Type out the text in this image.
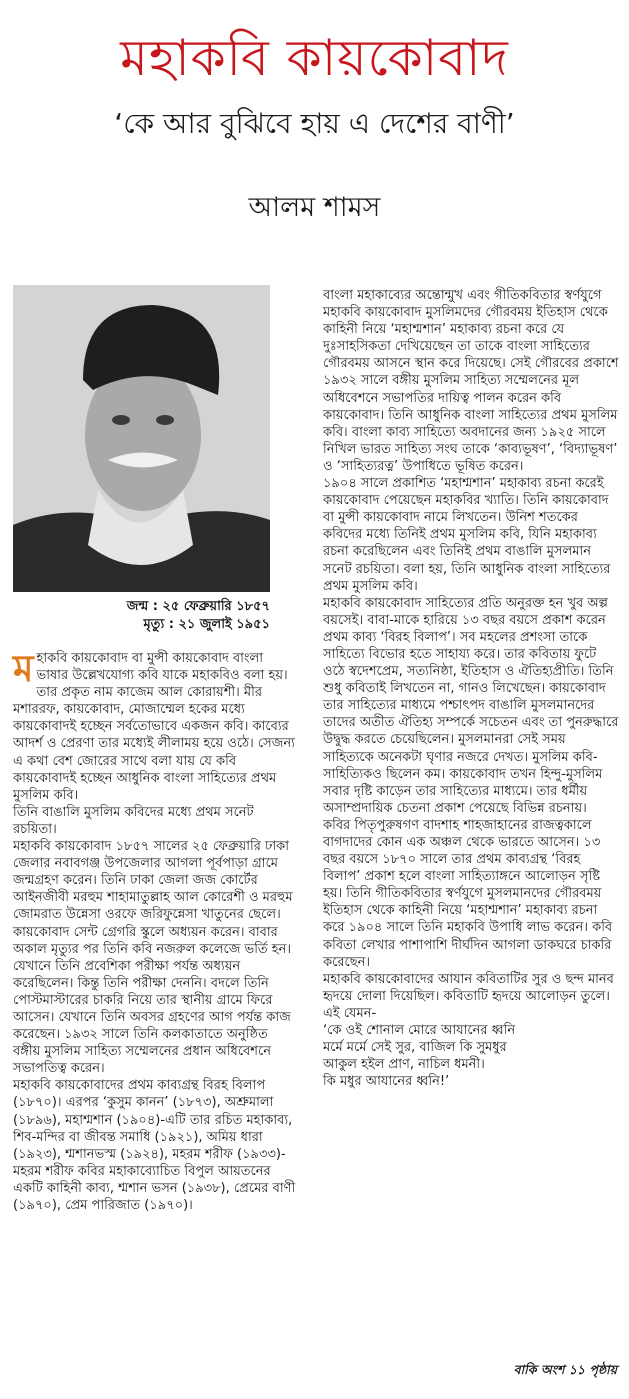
মহাকবি কায়কোবাদ
‘কে আর বুঝিবে হায় এ দেশের বাণী’
আলম শামস
জন্ম : ২৫ ফেব্রুয়ারি ১৮৫৭
মৃত্যু : ২১ জুলাই ১৯৫১

মহাকবি কায়কোবাদ বা মুন্সী কায়কোবাদ বাংলা ভাষার উল্লেখযোগ্য কবি যাকে মহাকবিও বলা হয়। তার প্রকৃত নাম কাজেম আল কোরায়শী। মীর মশাররফ, কায়কোবাদ, মোজাম্মেল হকের মধ্যে কায়কোবাদই হচ্ছেন সর্বতোভাবে একজন কবি। কাব্যের আদর্শ ও প্রেরণা তার মধ্যেই লীলাময় হয়ে ওঠে। সেজন্য এ কথা বেশ জোরের সাথে বলা যায় যে কবি কায়কোবাদই হচ্ছেন আধুনিক বাংলা সাহিত্যের প্রথম মুসলিম কবি।

তিনি বাঙালি মুসলিম কবিদের মধ্যে প্রথম সনেট রচয়িতা।

মহাকবি কায়কোবাদ ১৮৫৭ সালের ২৫ ফেব্রুয়ারি ঢাকা জেলার নবাবগঞ্জ উপজেলার আগলা পূর্বপাড়া গ্রামে জন্মগ্রহণ করেন। তিনি ঢাকা জেলা জজ কোর্টের আইনজীবী মরহুম শাহামাতুল্লাহ আল কোরেশী ও মরহুম জোমরাত উন্নেসা ওরফে জরিফুন্নেসা খাতুনের ছেলে। কায়কোবাদ সেন্ট গ্রেগরি স্কুলে অধ্যয়ন করেন। বাবার অকাল মৃত্যুর পর তিনি কবি নজরুল কলেজে ভর্তি হন। যেখানে তিনি প্রবেশিকা পরীক্ষা পর্যন্ত অধ্যয়ন করেছিলেন। কিন্তু তিনি পরীক্ষা দেননি। বদলে তিনি পোস্টমাস্টারের চাকরি নিয়ে তার স্থানীয় গ্রামে ফিরে আসেন। যেখানে তিনি অবসর গ্রহণের আগ পর্যন্ত কাজ করেছেন। ১৯৩২ সালে তিনি কলকাতাতে অনুষ্ঠিত বঙ্গীয় মুসলিম সাহিত্য সম্মেলনের প্রধান অধিবেশনে সভাপতিত্ব করেন।

মহাকবি কায়কোবাদের প্রথম কাব্যগ্রন্থ বিরহ বিলাপ (১৮৭০)। এরপর ‘কুসুম কানন’ (১৮৭৩), অশ্রুমালা (১৮৯৬), মহাশ্মশান (১৯০৪)-এটি তার রচিত মহাকাব্য, শিব-মন্দির বা জীবন্ত সমাধি (১৯২১), অমিয় ধারা (১৯২৩), শ্মশানভস্ম (১৯২৪), মহরম শরীফ (১৯৩৩)- মহরম শরীফ কবির মহাকাব্যোচিত বিপুল আয়তনের একটি কাহিনী কাব্য, শ্মশান ভসন (১৯৩৮), প্রেমের বাণী (১৯৭০), প্রেম পারিজাত (১৯৭০)।

বাংলা মহাকাব্যের অন্তোন্মুখ এবং গীতিকবিতার স্বর্ণযুগে মহাকবি কায়কোবাদ মুসলিমদের গৌরবময় ইতিহাস থেকে কাহিনী নিয়ে ‘মহাশ্মশান’ মহাকাব্য রচনা করে যে দুঃসাহসিকতা দেখিয়েছেন তা তাকে বাংলা সাহিত্যের গৌরবময় আসনে স্থান করে দিয়েছে। সেই গৌরবের প্রকাশে ১৯৩২ সালে বঙ্গীয় মুসলিম সাহিত্য সম্মেলনের মূল অধিবেশনে সভাপতির দায়িত্ব পালন করেন কবি কায়কোবাদ। তিনি আধুনিক বাংলা সাহিত্যের প্রথম মুসলিম কবি। বাংলা কাব্য সাহিত্যে অবদানের জন্য ১৯২৫ সালে নিখিল ভারত সাহিত্য সংঘ তাকে ‘কাব্যভূষণ’, ‘বিদ্যাভূষণ’ ও ‘সাহিত্যরত্ন’ উপাধিতে ভূষিত করেন।

১৯০৪ সালে প্রকাশিত ‘মহাশ্মশান’ মহাকাব্য রচনা করেই কায়কোবাদ পেয়েছেন মহাকবির খ্যাতি। তিনি কায়কোবাদ বা মুন্সী কায়কোবাদ নামে লিখতেন। উনিশ শতকের কবিদের মধ্যে তিনিই প্রথম মুসলিম কবি, যিনি মহাকাব্য রচনা করেছিলেন এবং তিনিই প্রথম বাঙালি মুসলমান সনেট রচয়িতা। বলা হয়, তিনি আধুনিক বাংলা সাহিত্যের প্রথম মুসলিম কবি।

মহাকবি কায়কোবাদ সাহিত্যের প্রতি অনুরক্ত হন খুব অল্প বয়সেই। বাবা-মাকে হারিয়ে ১৩ বছর বয়সে প্রকাশ করেন প্রথম কাব্য ‘বিরহ বিলাপ’। সব মহলের প্রশংসা তাকে সাহিত্যে বিভোর হতে সাহায্য করে। তার কবিতায় ফুটে ওঠে স্বদেশপ্রেম, সত্যনিষ্ঠা, ইতিহাস ও ঐতিহ্যপ্রীতি। তিনি শুধু কবিতাই লিখতেন না, গানও লিখেছেন। কায়কোবাদ তার সাহিত্যের মাধ্যমে পশ্চাৎপদ বাঙালি মুসলমানদের তাদের অতীত ঐতিহ্য সম্পর্কে সচেতন এবং তা পুনরুদ্ধারে উদ্বুদ্ধ করতে চেয়েছিলেন। মুসলমানরা সেই সময় সাহিত্যকে অনেকটা ঘৃণার নজরে দেখত। মুসলিম কবি-সাহিত্যিকও ছিলেন কম। কায়কোবাদ তখন হিন্দু-মুসলিম সবার দৃষ্টি কাড়েন তার সাহিত্যের মাধ্যমে। তার ধর্মীয় অসাম্প্রদায়িক চেতনা প্রকাশ পেয়েছে বিভিন্ন রচনায়।

কবির পিতৃপুরুষগণ বাদশাহ শাহজাহানের রাজত্বকালে বাগদাদের কোন এক অঞ্চল থেকে ভারতে আসেন। ১৩ বছর বয়সে ১৮৭০ সালে তার প্রথম কাব্যগ্রন্থ ‘বিরহ বিলাপ’ প্রকাশ হলে বাংলা সাহিত্যাঙ্গনে আলোড়ন সৃষ্টি হয়। তিনি গীতিকবিতার স্বর্ণযুগে মুসলমানদের গৌরবময় ইতিহাস থেকে কাহিনী নিয়ে ‘মহাশ্মশান’ মহাকাব্য রচনা করে ১৯০৪ সালে তিনি মহাকবি উপাধি লাভ করেন। কবি কবিতা লেখার পাশাপাশি দীর্ঘদিন আগলা ডাকঘরে চাকরি করেছেন।

মহাকবি কায়কোবাদের আযান কবিতাটির সুর ও ছন্দ মানব হৃদয়ে দোলা দিয়েছিল। কবিতাটি হৃদয়ে আলোড়ন তুলে। এই যেমন-

‘কে ওই শোনাল মোরে আযানের ধ্বনি

মর্মে মর্মে সেই সুর, বাজিল কি সুমধুর

আকুল হইল প্রাণ, নাচিল ধমনী।

কি মধুর আযানের ধ্বনি!’

বাকি অংশ ১১ পৃষ্ঠায়
